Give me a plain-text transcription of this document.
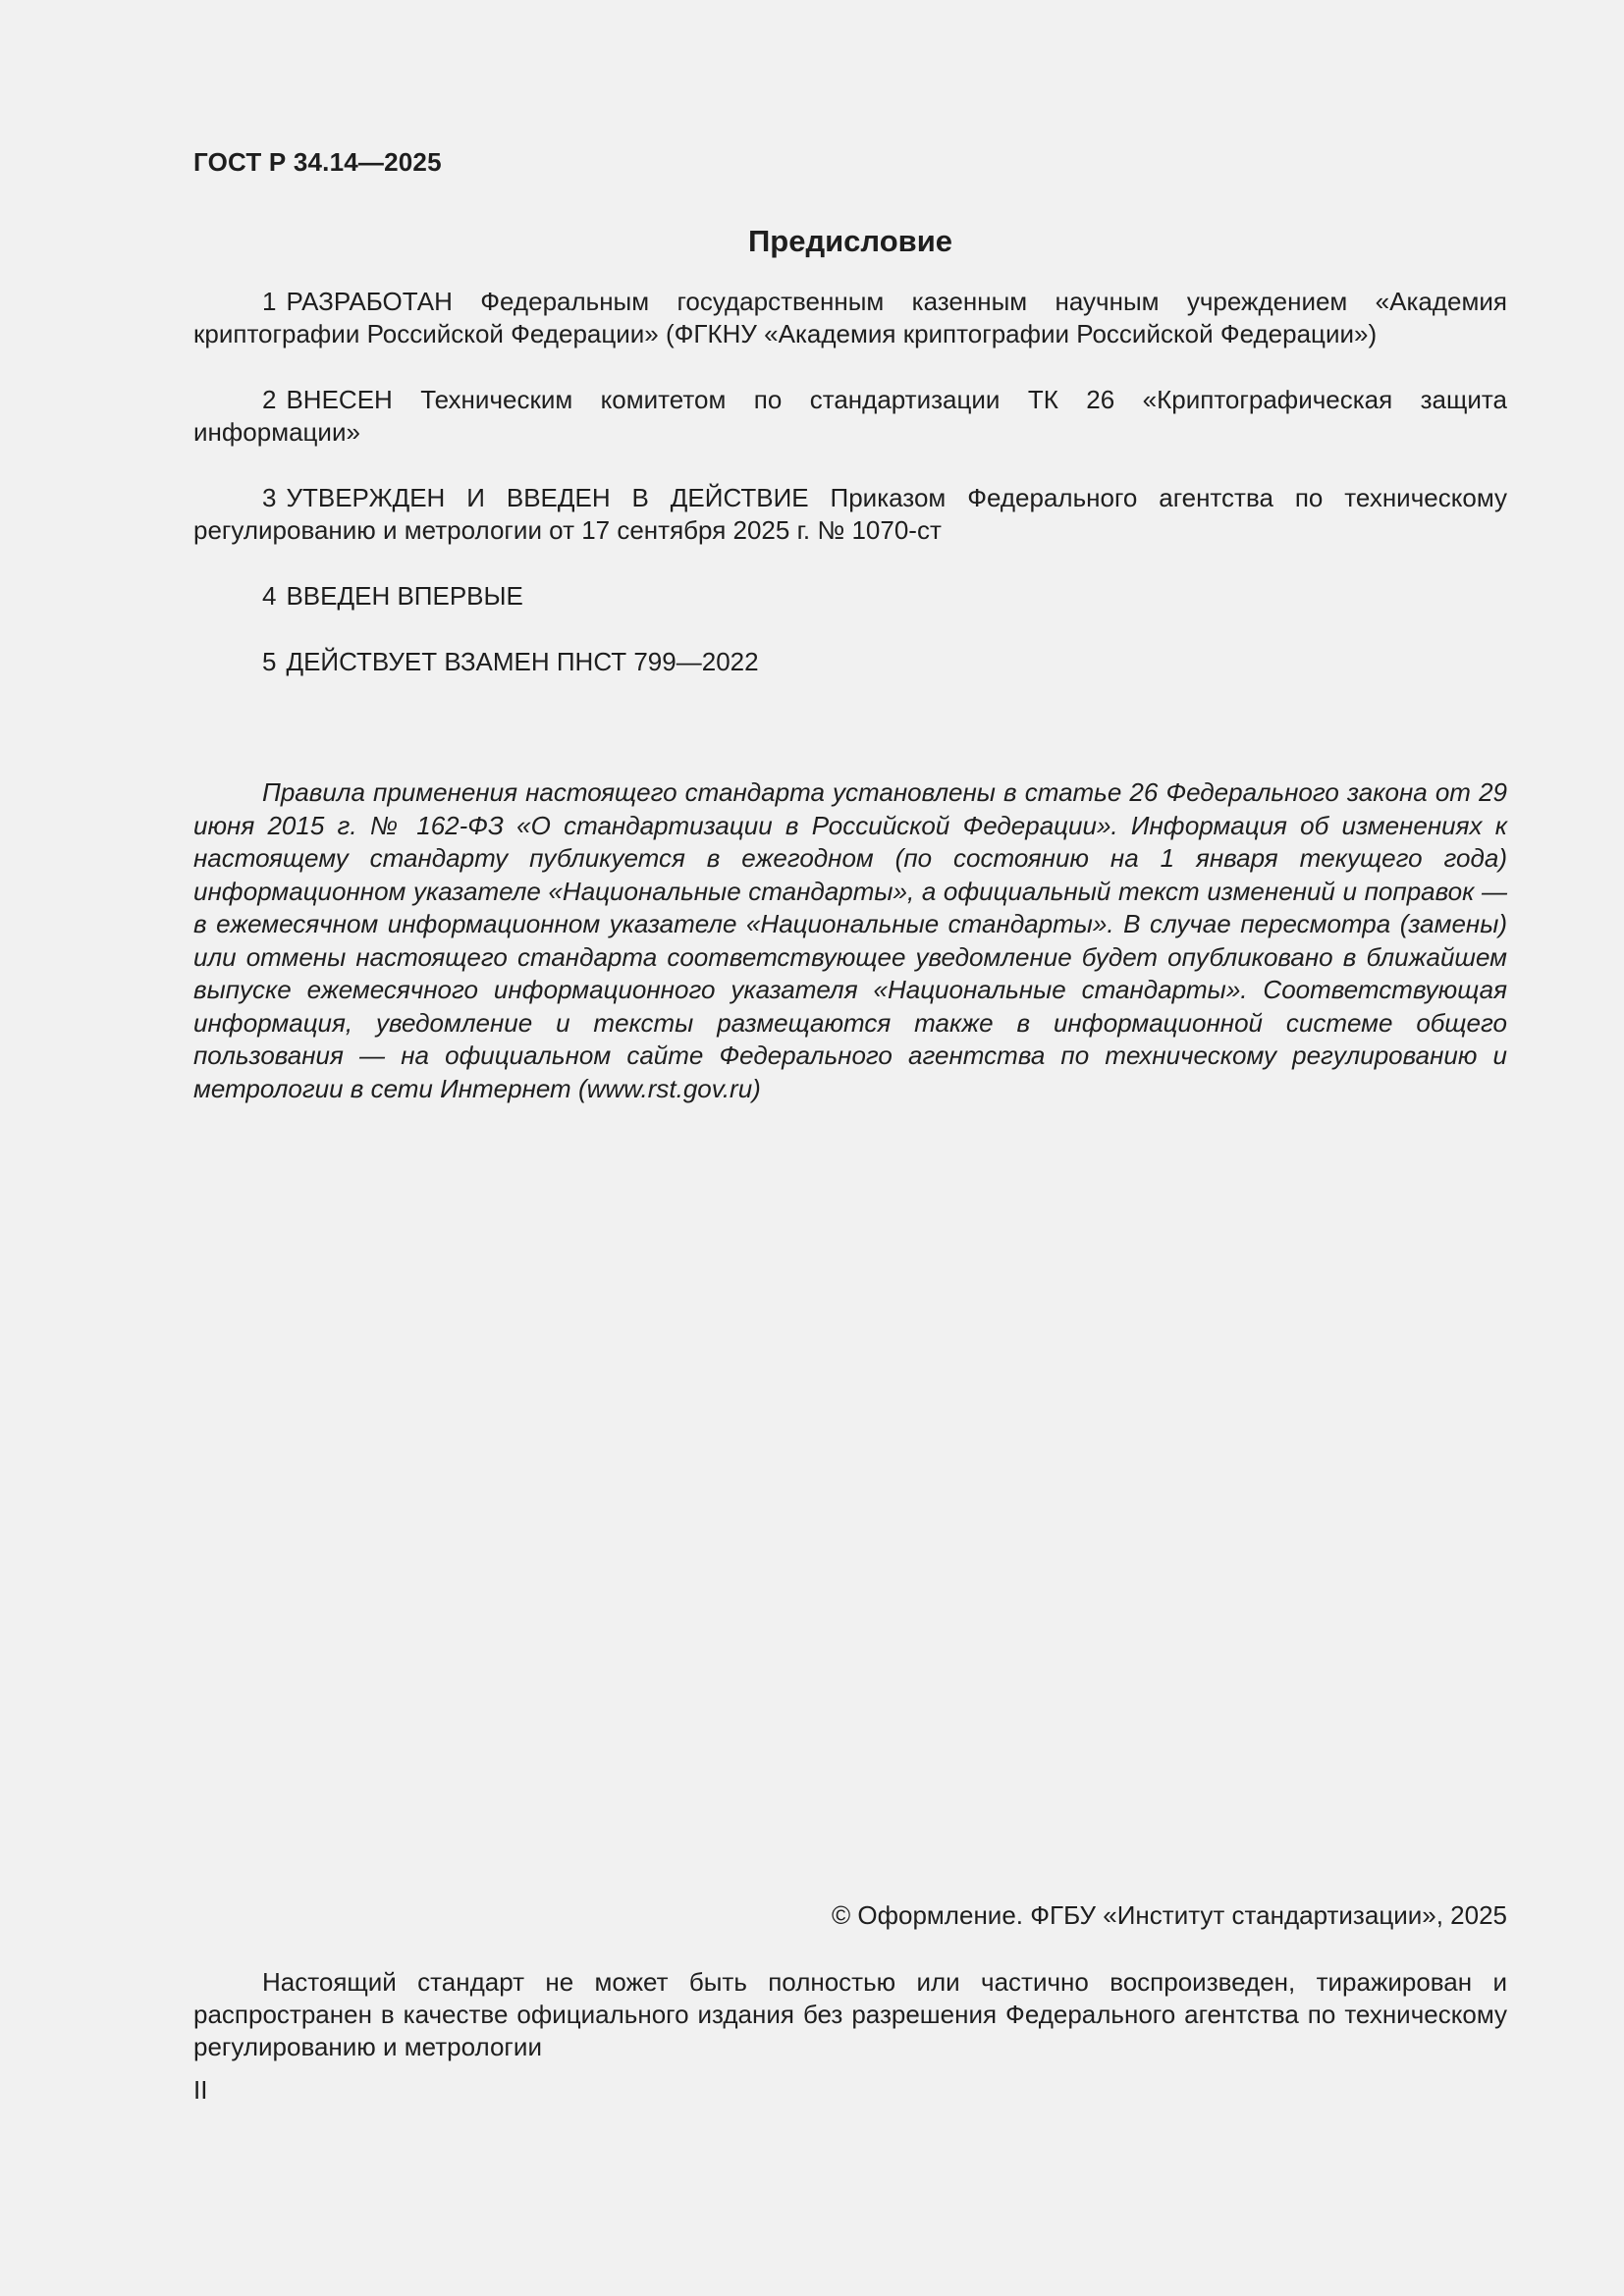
ГОСТ Р 34.14—2025
Предисловие

1 РАЗРАБОТАН Федеральным государственным казенным научным учреждением «Академия криптографии Российской Федерации» (ФГКНУ «Академия криптографии Российской Федерации»)

2 ВНЕСЕН Техническим комитетом по стандартизации ТК 26 «Криптографическая защита информации»

3 УТВЕРЖДЕН И ВВЕДЕН В ДЕЙСТВИЕ Приказом Федерального агентства по техническому регулированию и метрологии от 17 сентября 2025 г. № 1070-ст

4 ВВЕДЕН ВПЕРВЫЕ

5 ДЕЙСТВУЕТ ВЗАМЕН ПНСТ 799—2022

Правила применения настоящего стандарта установлены в статье 26 Федерального закона от 29 июня 2015 г. № 162-ФЗ «О стандартизации в Российской Федерации». Информация об изменениях к настоящему стандарту публикуется в ежегодном (по состоянию на 1 января текущего года) информационном указателе «Национальные стандарты», а официальный текст изменений и поправок — в ежемесячном информационном указателе «Национальные стандарты». В случае пересмотра (замены) или отмены настоящего стандарта соответствующее уведомление будет опубликовано в ближайшем выпуске ежемесячного информационного указателя «Национальные стандарты». Соответствующая информация, уведомление и тексты размещаются также в информационной системе общего пользования — на официальном сайте Федерального агентства по техническому регулированию и метрологии в сети Интернет (www.rst.gov.ru)
© Оформление. ФГБУ «Институт стандартизации», 2025
Настоящий стандарт не может быть полностью или частично воспроизведен, тиражирован и распространен в качестве официального издания без разрешения Федерального агентства по техническому регулированию и метрологии
II
